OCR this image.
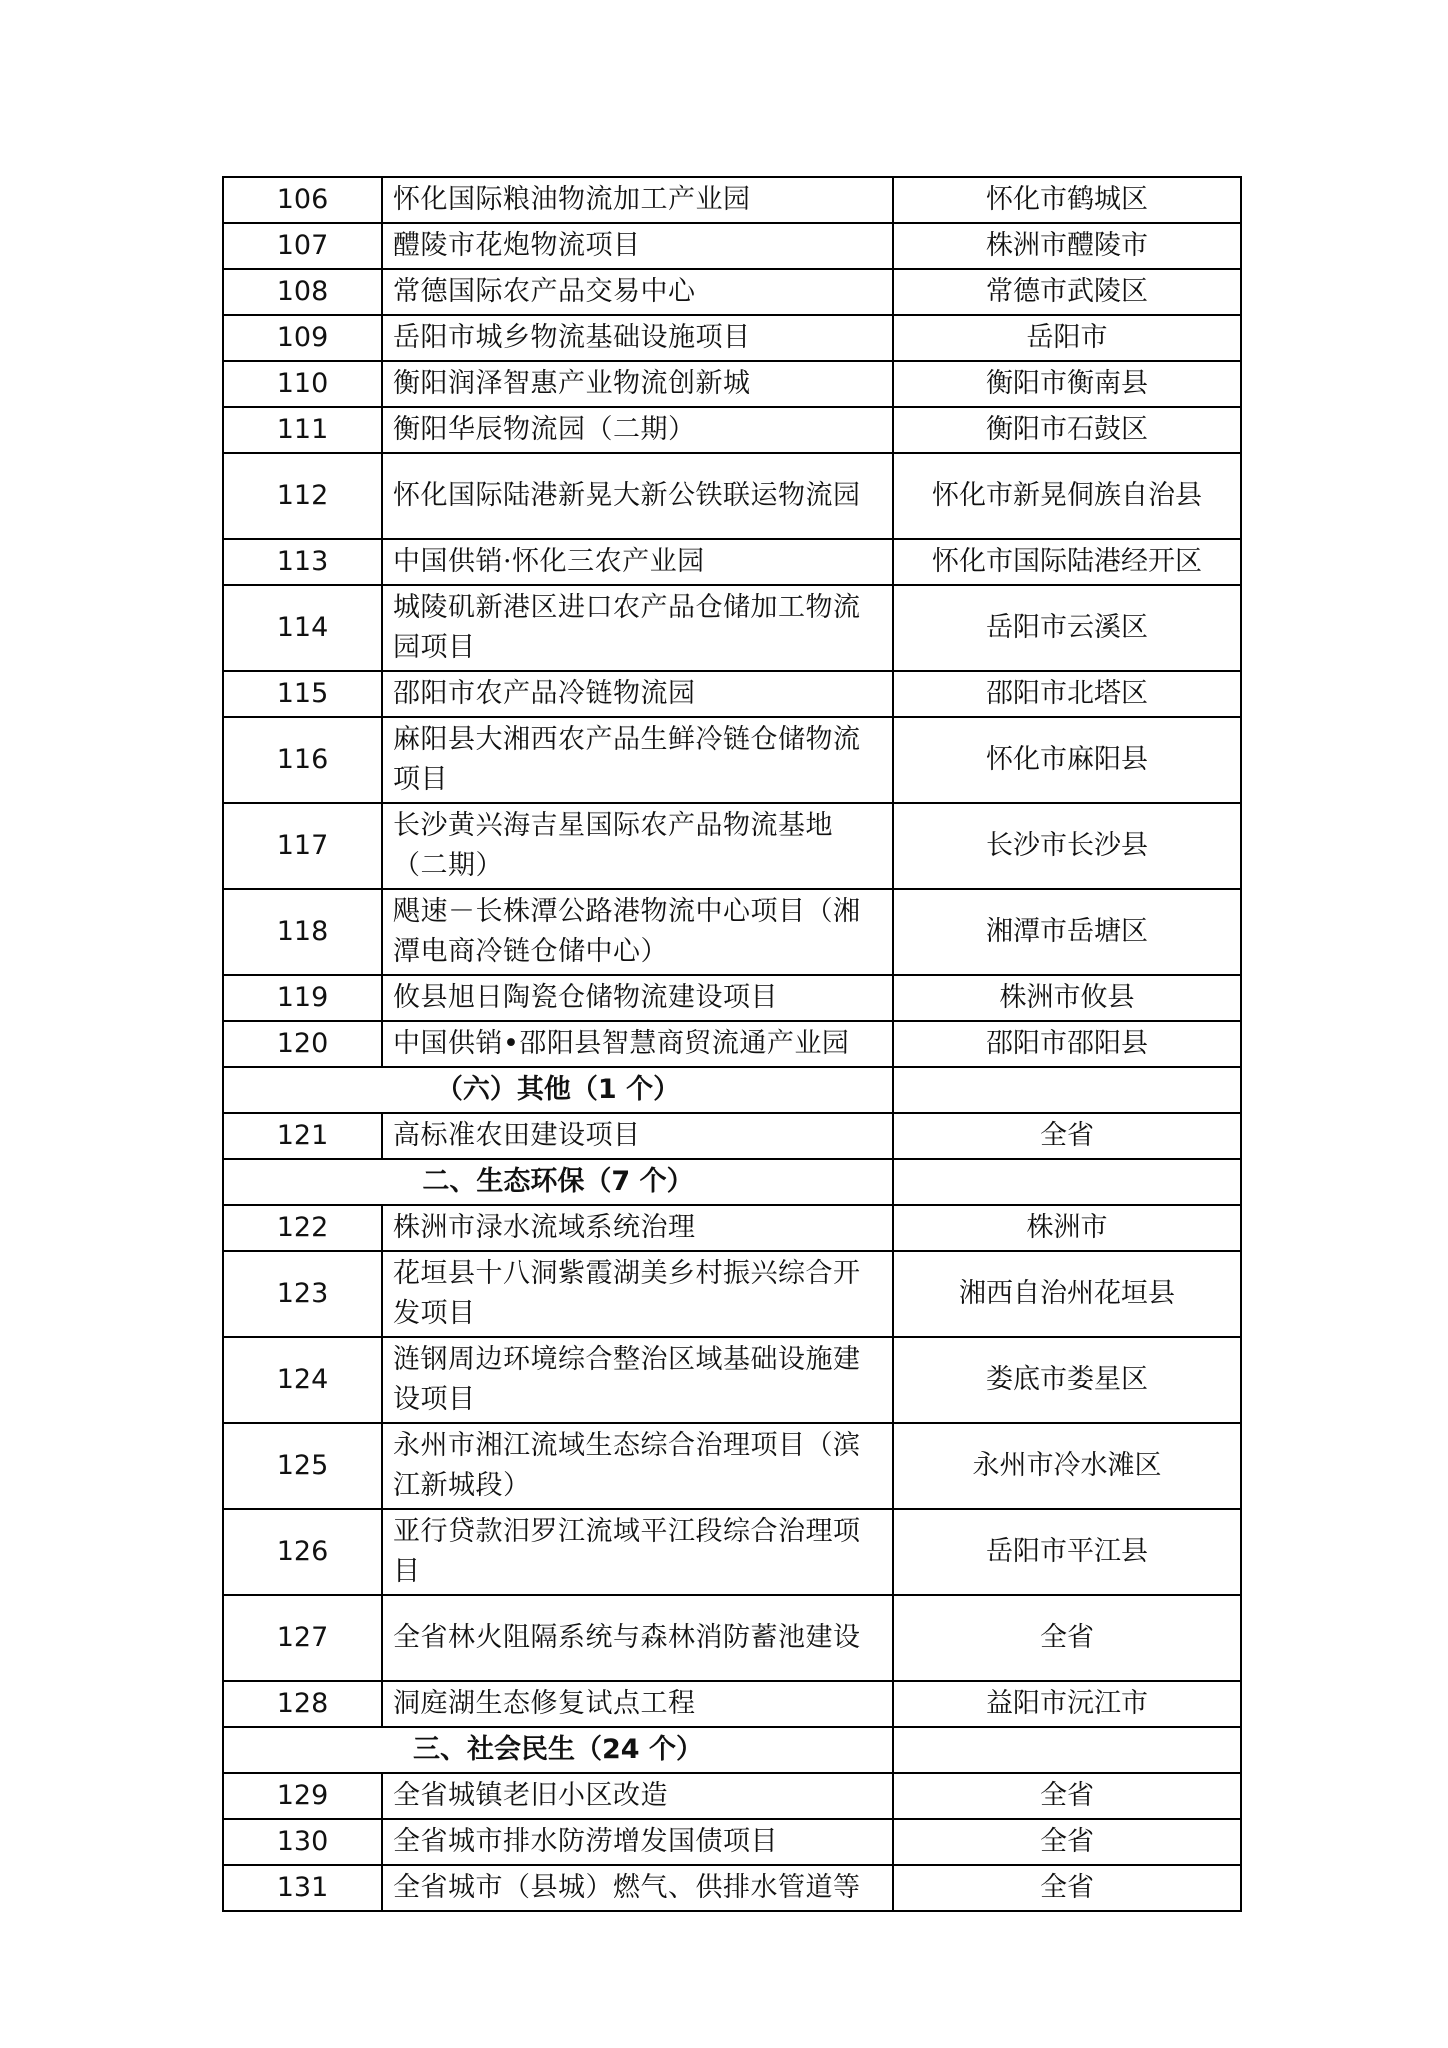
106	怀化国际粮油物流加工产业园	怀化市鹤城区
107	醴陵市花炮物流项目	株洲市醴陵市
108	常德国际农产品交易中心	常德市武陵区
109	岳阳市城乡物流基础设施项目	岳阳市
110	衡阳润泽智惠产业物流创新城	衡阳市衡南县
111	衡阳华辰物流园（二期）	衡阳市石鼓区
112	怀化国际陆港新晃大新公铁联运物流园	怀化市新晃侗族自治县
113	中国供销·怀化三农产业园	怀化市国际陆港经开区
114	城陵矶新港区进口农产品仓储加工物流园项目	岳阳市云溪区
115	邵阳市农产品冷链物流园	邵阳市北塔区
116	麻阳县大湘西农产品生鲜冷链仓储物流项目	怀化市麻阳县
117	长沙黄兴海吉星国际农产品物流基地（二期）	长沙市长沙县
118	飓速－长株潭公路港物流中心项目（湘潭电商冷链仓储中心）	湘潭市岳塘区
119	攸县旭日陶瓷仓储物流建设项目	株洲市攸县
120	中国供销•邵阳县智慧商贸流通产业园	邵阳市邵阳县
（六）其他（1 个）		
121	高标准农田建设项目	全省
二、生态环保（7 个）		
122	株洲市渌水流域系统治理	株洲市
123	花垣县十八洞紫霞湖美乡村振兴综合开发项目	湘西自治州花垣县
124	涟钢周边环境综合整治区域基础设施建设项目	娄底市娄星区
125	永州市湘江流域生态综合治理项目（滨江新城段）	永州市冷水滩区
126	亚行贷款汨罗江流域平江段综合治理项目	岳阳市平江县
127	全省林火阻隔系统与森林消防蓄池建设	全省
128	洞庭湖生态修复试点工程	益阳市沅江市
三、社会民生（24 个）		
129	全省城镇老旧小区改造	全省
130	全省城市排水防涝增发国债项目	全省
131	全省城市（县城）燃气、供排水管道等	全省
